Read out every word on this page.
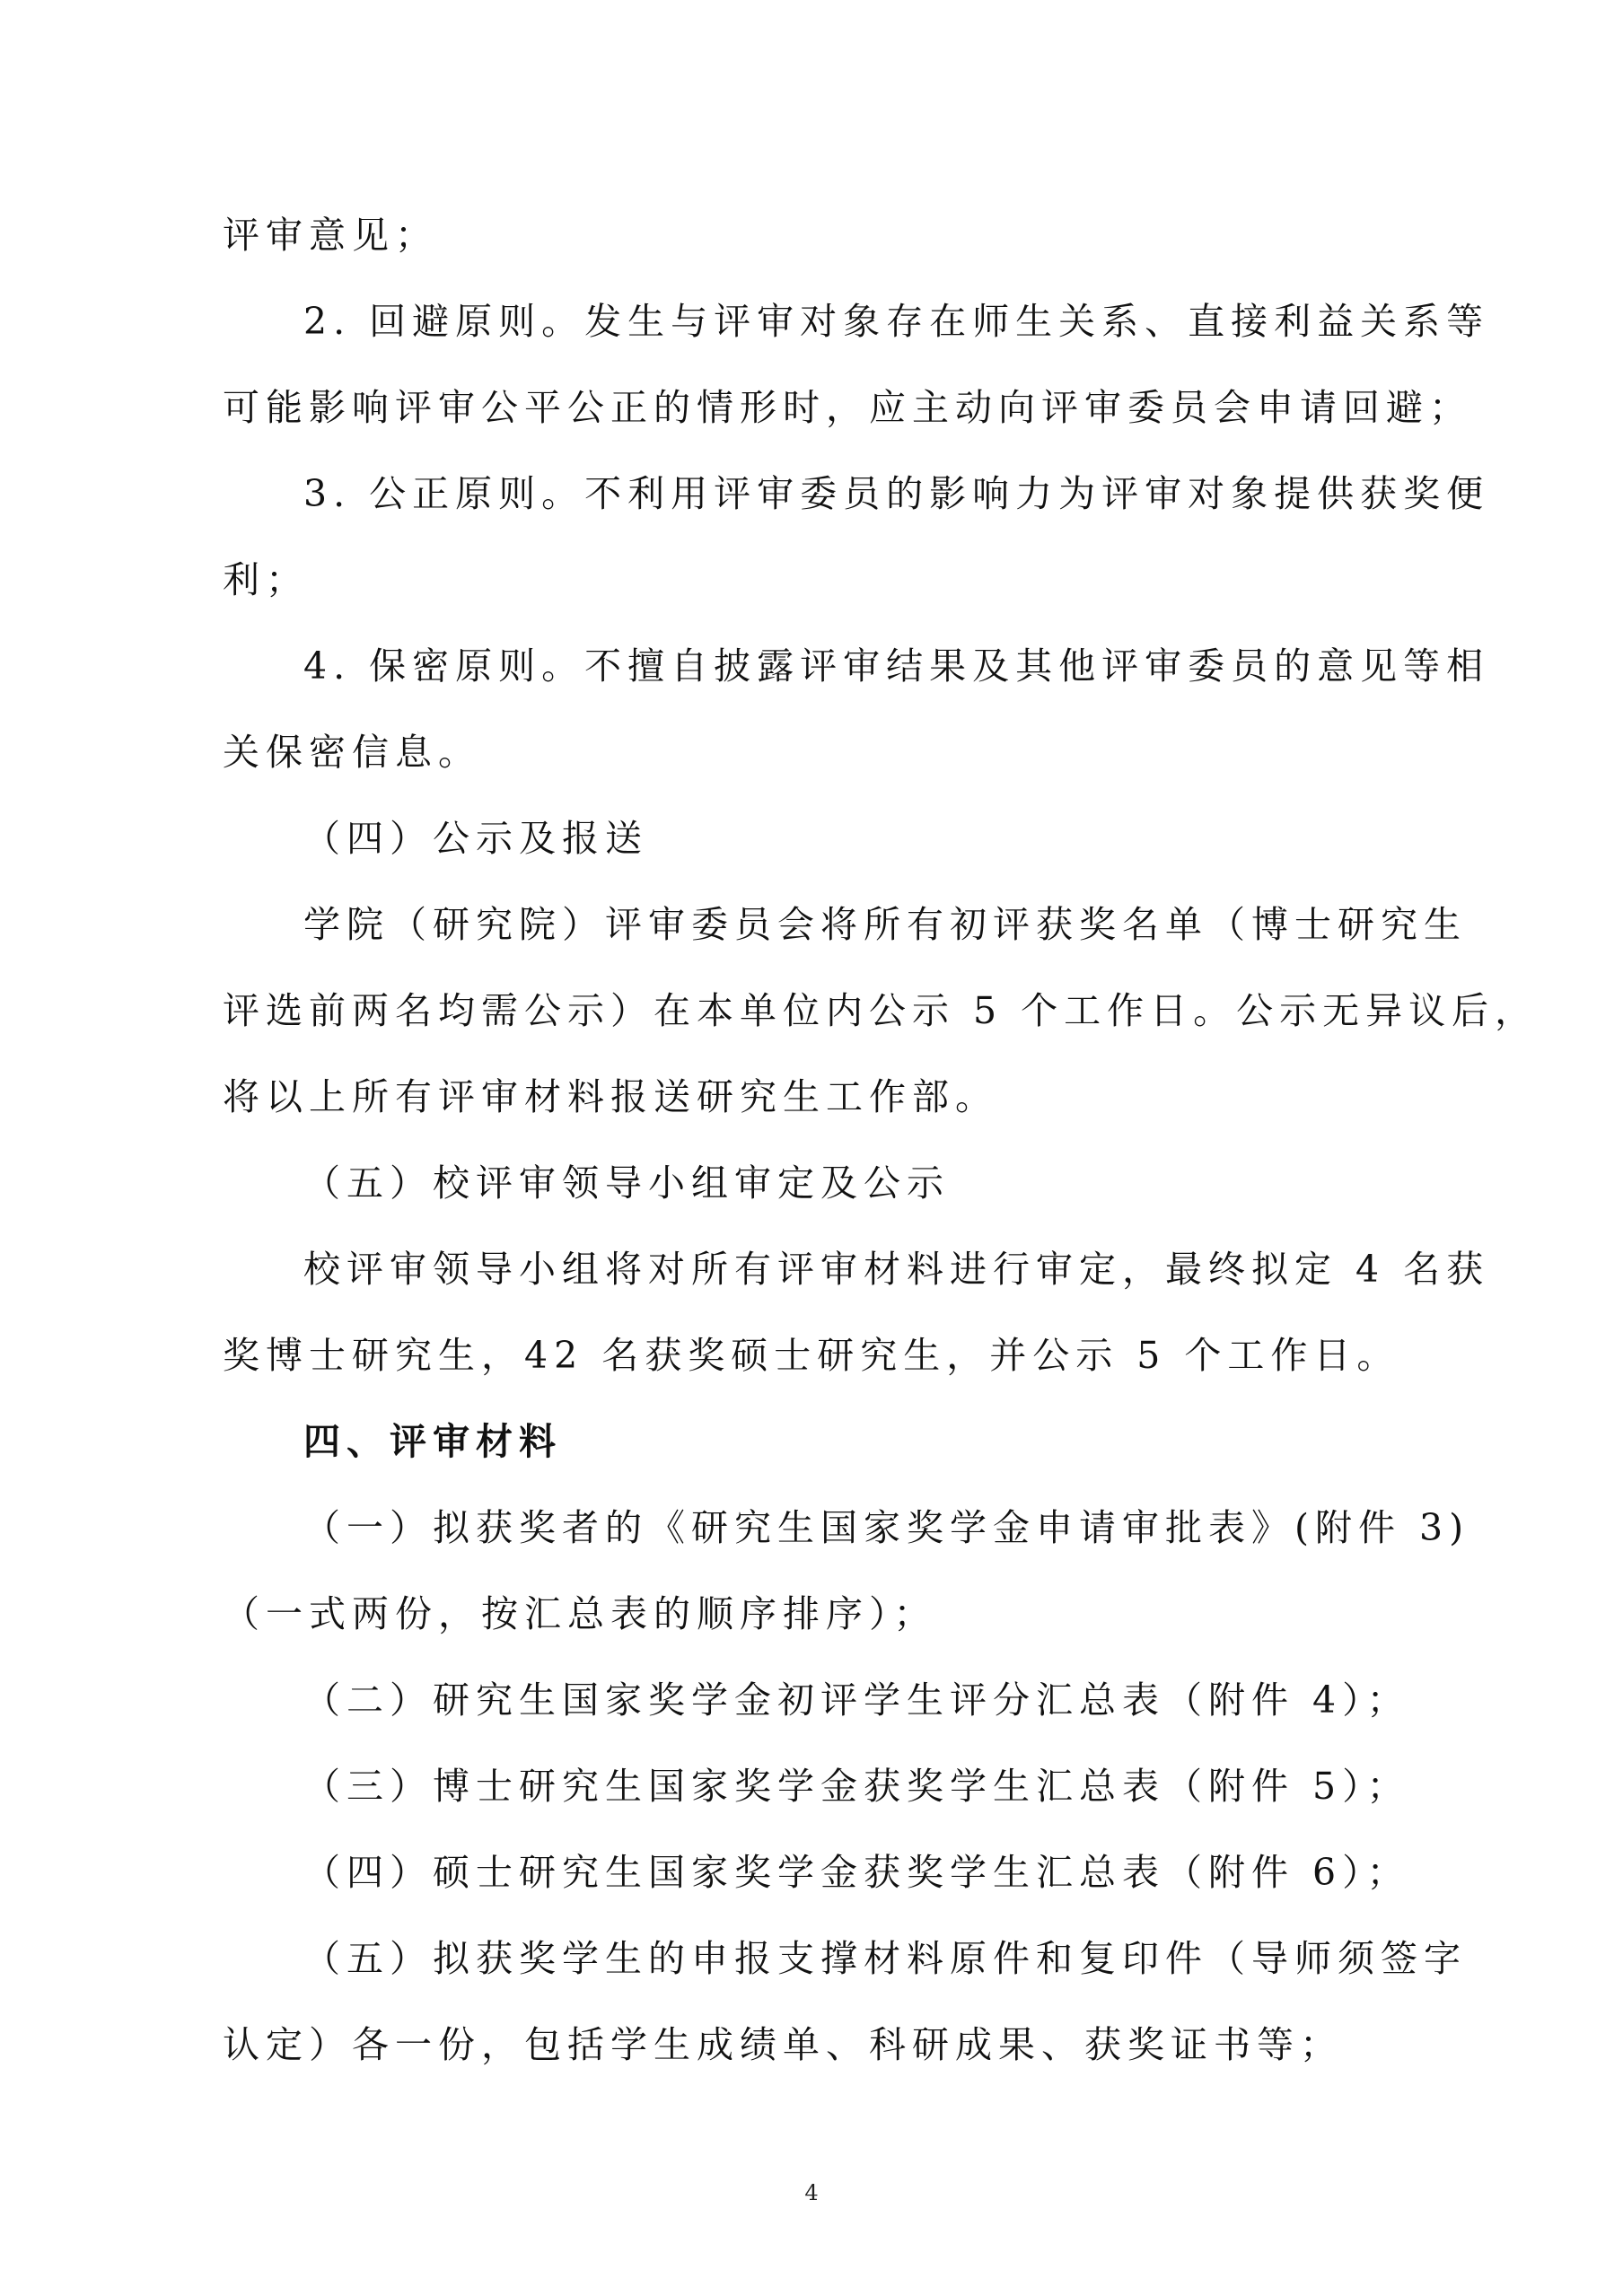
评审意见；
2. 回避原则。发生与评审对象存在师生关系、直接利益关系等
可能影响评审公平公正的情形时，应主动向评审委员会申请回避；
3. 公正原则。不利用评审委员的影响力为评审对象提供获奖便
利；
4. 保密原则。不擅自披露评审结果及其他评审委员的意见等相
关保密信息。
（四）公示及报送
学院（研究院）评审委员会将所有初评获奖名单（博士研究生
评选前两名均需公示）在本单位内公示 5 个工作日。公示无异议后，
将以上所有评审材料报送研究生工作部。
（五）校评审领导小组审定及公示
校评审领导小组将对所有评审材料进行审定，最终拟定 4 名获
奖博士研究生，42 名获奖硕士研究生，并公示 5 个工作日。
四、评审材料
（一）拟获奖者的《研究生国家奖学金申请审批表》(附件 3)
（一式两份，按汇总表的顺序排序）；
（二）研究生国家奖学金初评学生评分汇总表（附件 4）；
（三）博士研究生国家奖学金获奖学生汇总表（附件 5）；
（四）硕士研究生国家奖学金获奖学生汇总表（附件 6）；
（五）拟获奖学生的申报支撑材料原件和复印件（导师须签字
认定）各一份，包括学生成绩单、科研成果、获奖证书等；
4
